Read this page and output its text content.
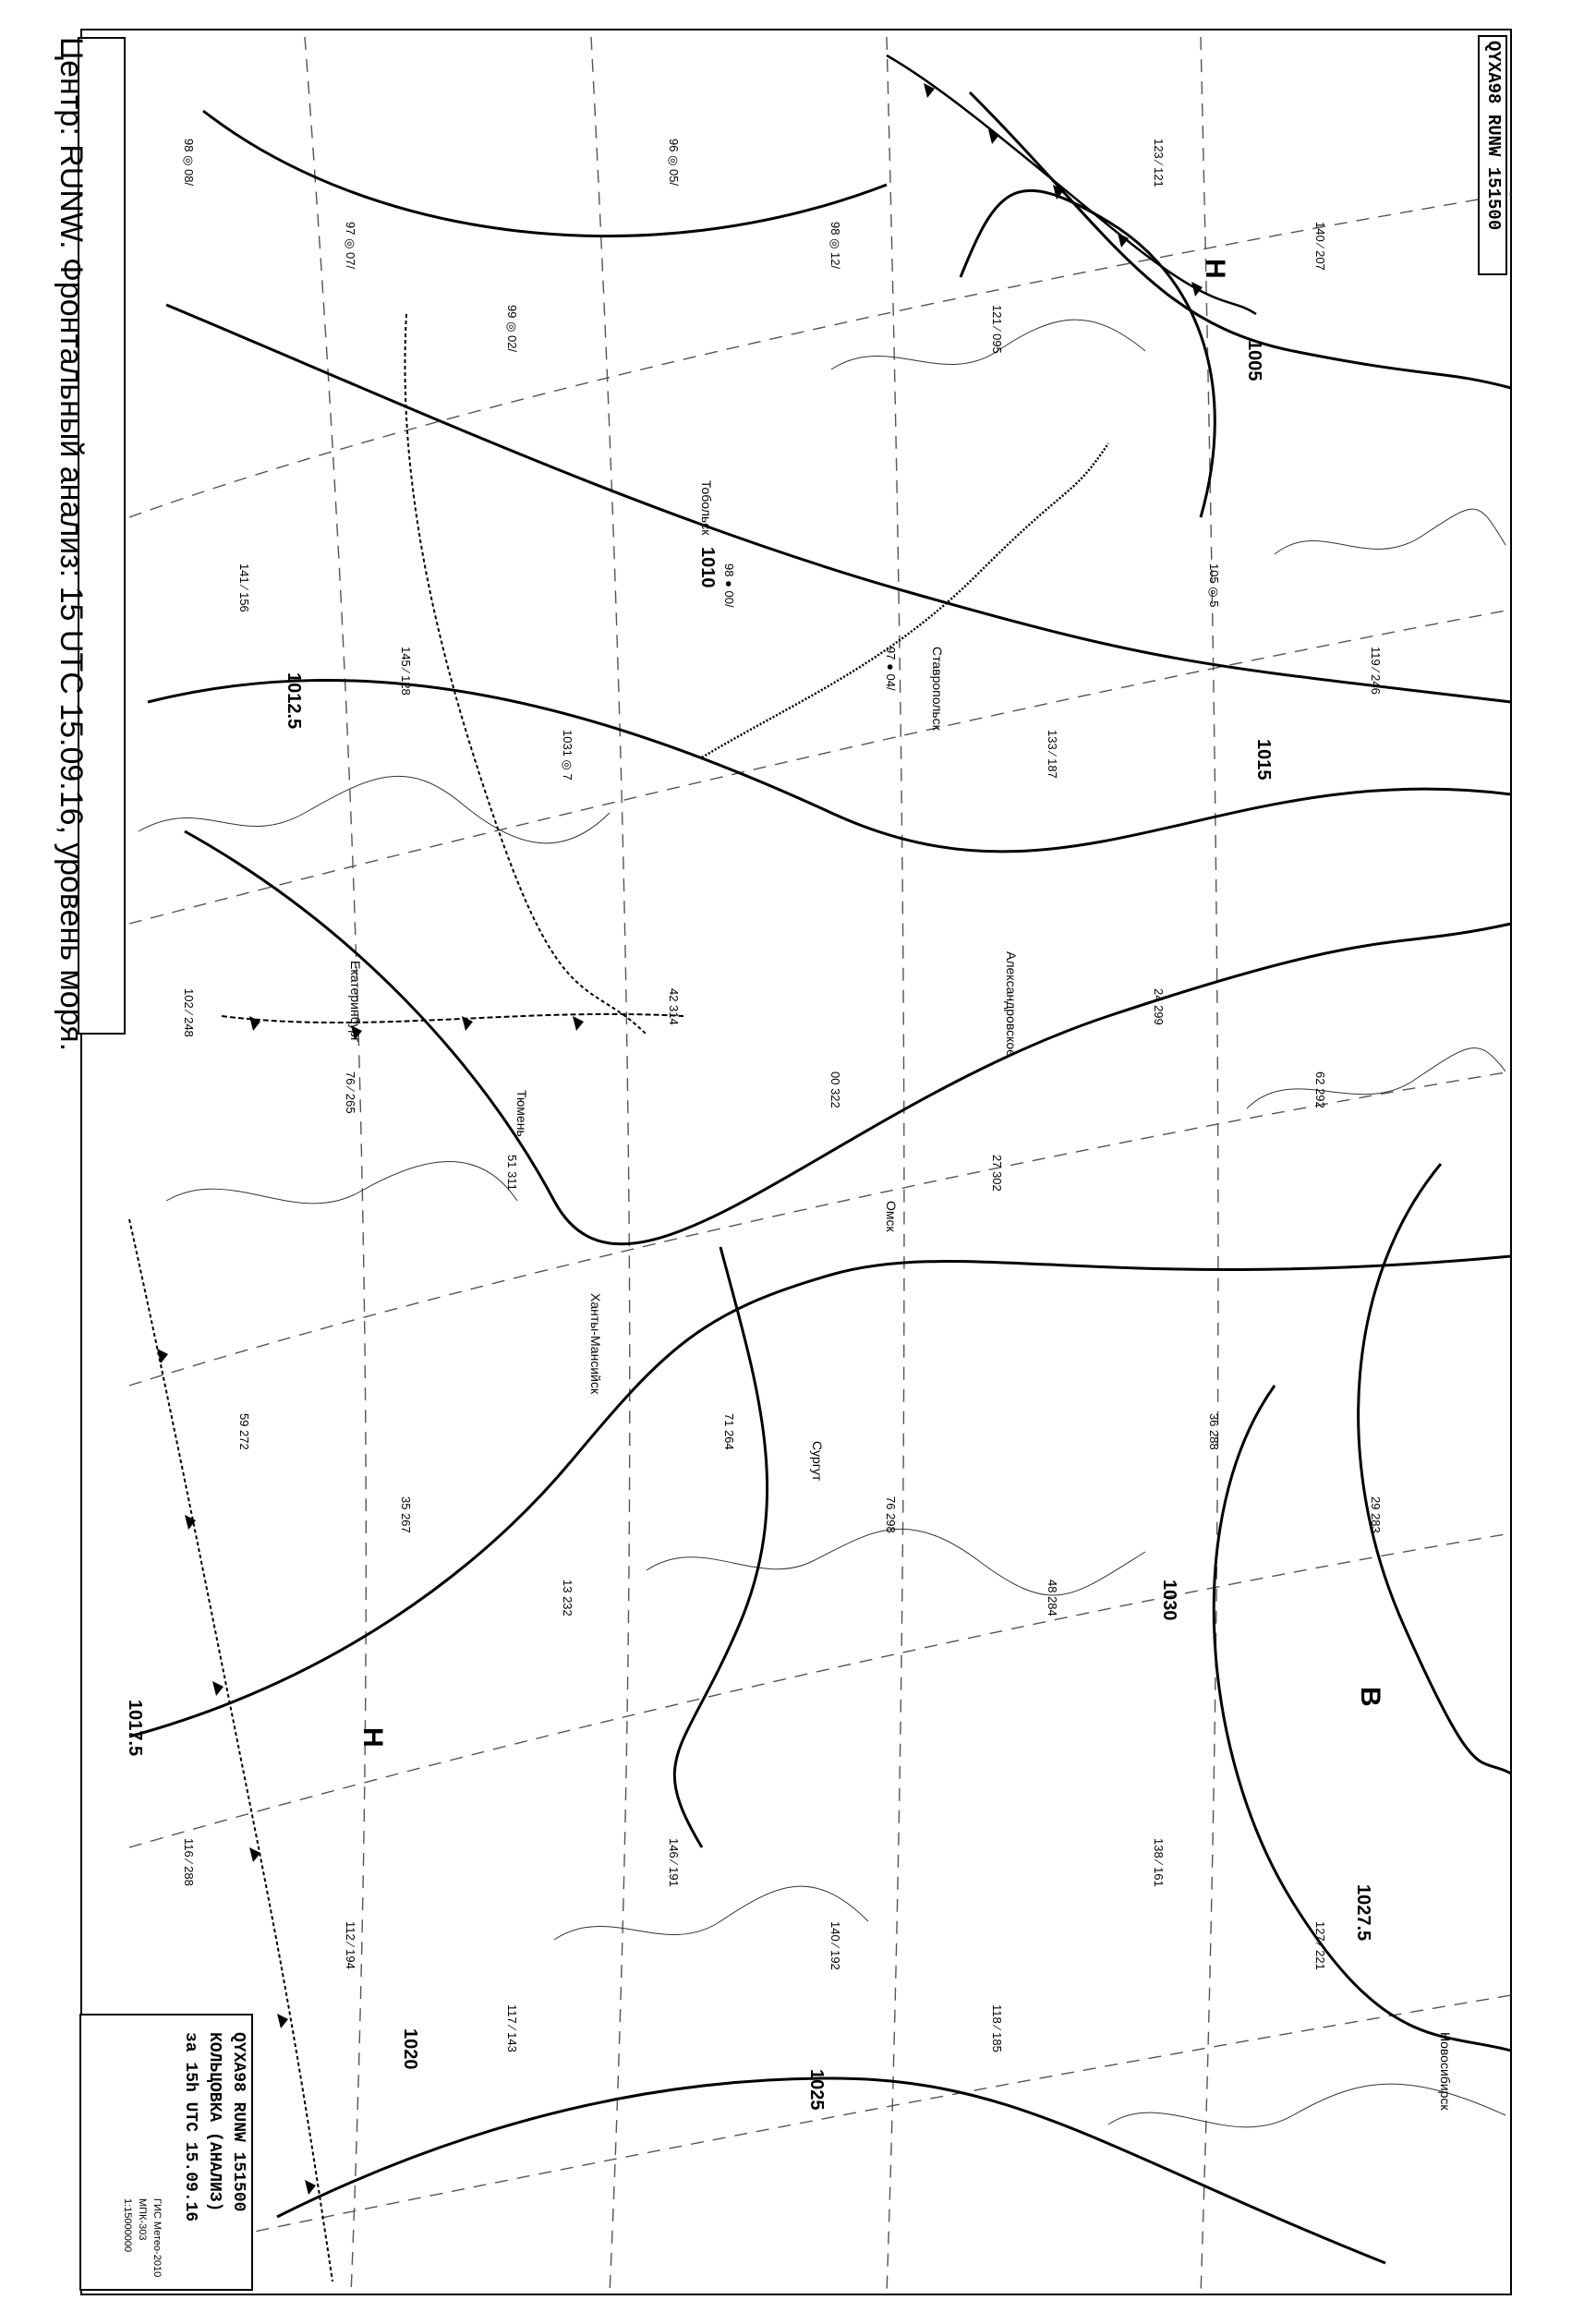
1005
1010
1012.5
1015
1017.5
1020
1025
1027.5
1030
Н
Н
В
Ставропольск
Новосибирск
Александровское
Омск
Сургут
Ханты-Мансийск
Тюмень
Тобольск
Екатеринбург
98 ◎ 08/
97 ◎ 07/
99 ◎ 02/
96 ◎ 05/
98 ◎ 12/
121 ∕ 095
123 ∕ 121
140 ∕ 207
141 ∕ 156
145 ∕ 128
1031 ◎ 7
98 ● 00/
97 ● 04/
133 ∕ 187
105 ◎ 5
119 ∕ 246
102 ∕ 248
76 ∕ 265
51 311
42 314
00 322
27 302
24 299
62 292
59 272
35 267
13 232
71 264
76 298
48 284
36 288
29 283
116 ∕ 288
112 ∕ 194
117 ∕ 143
146 ∕ 191
140 ∕ 192
118 ∕ 185
138 ∕ 161
127 ∕ 221
Центр: RUNW. Фронтальный анализ: 15 UTC 15.09.16, уровень моря.	QYXA98 RUNW 151500
QYXA98 RUNW 151500
КОЛЬЦОВКА (АНАЛИЗ)
за 15h UTC 15.09.16
ГИС Метео-2010
МПК-303
1:15000000
